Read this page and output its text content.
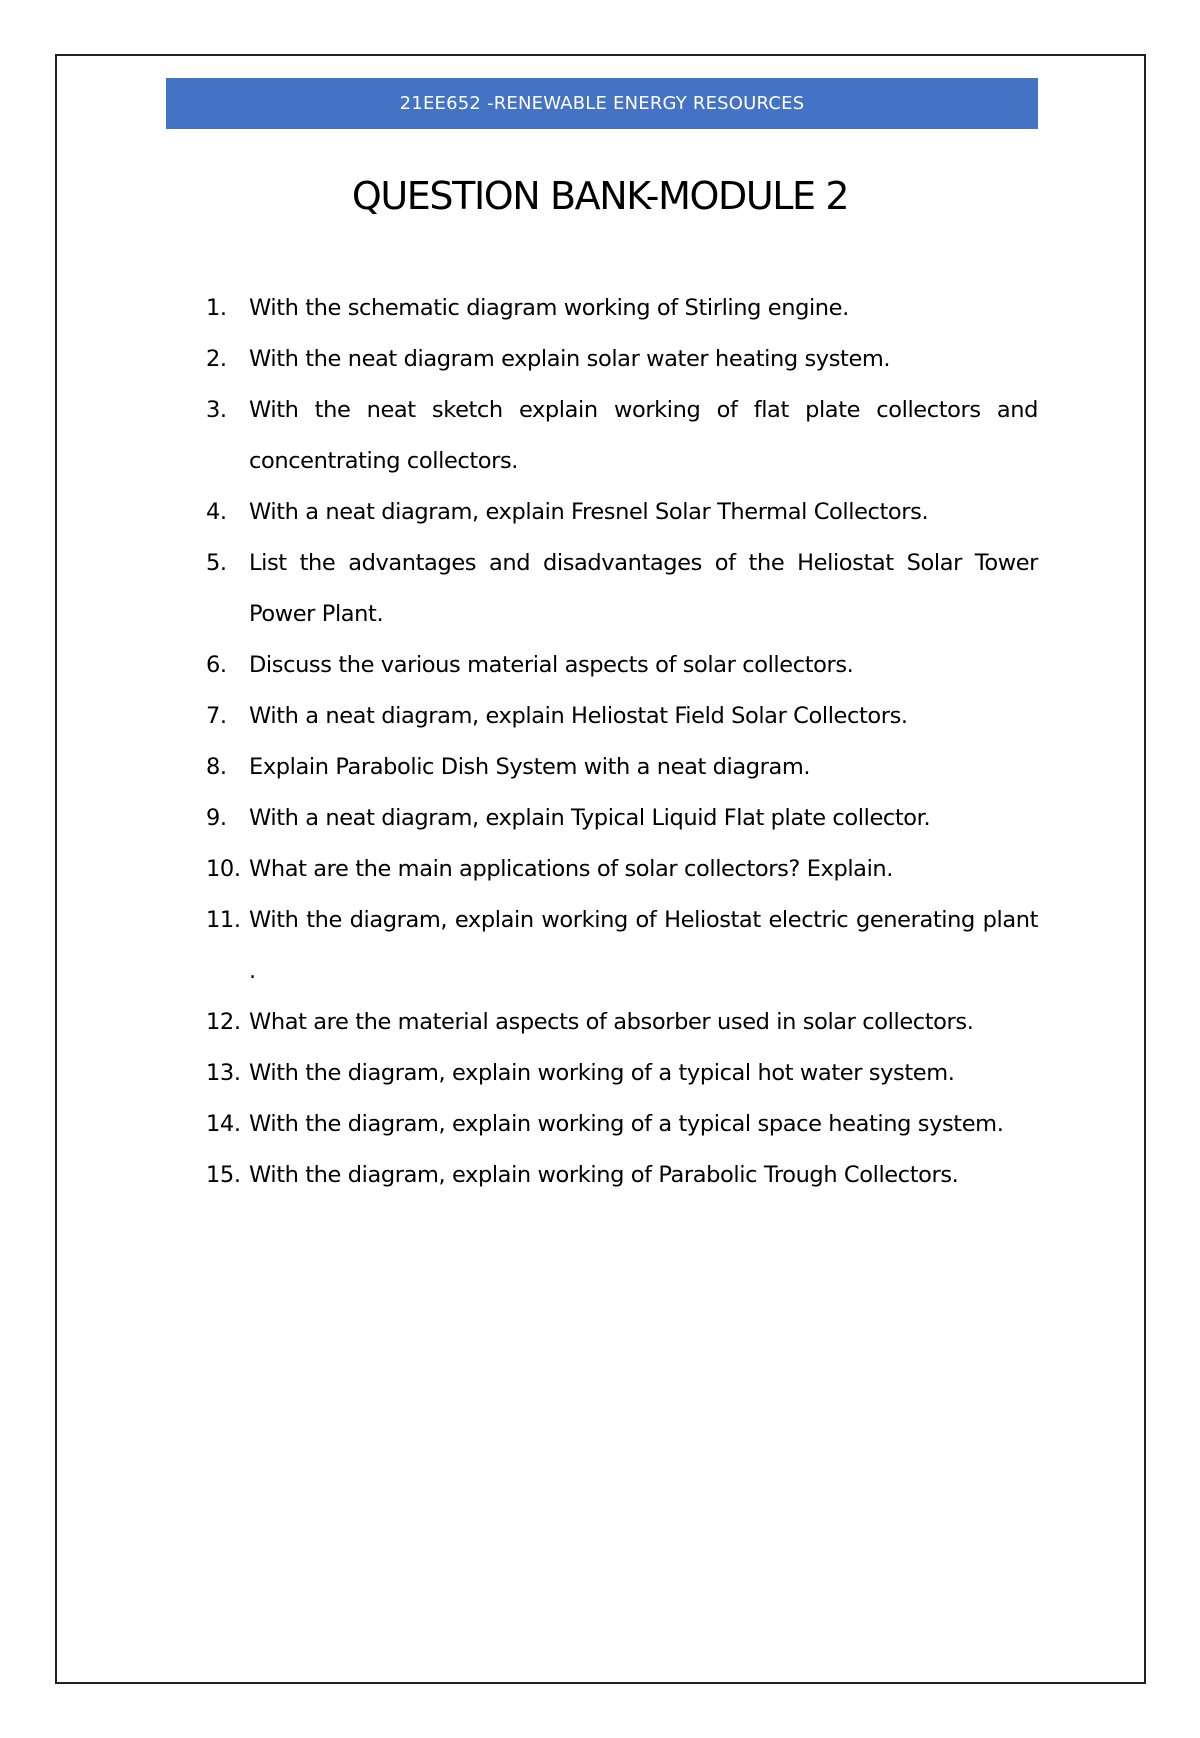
21EE652 -RENEWABLE ENERGY RESOURCES
QUESTION BANK-MODULE 2
1. With the schematic diagram working of Stirling engine.
2. With the neat diagram explain solar water heating system.
3. With the neat sketch explain working of flat plate collectors and concentrating collectors.
4. With a neat diagram, explain Fresnel Solar Thermal Collectors.
5. List the advantages and disadvantages of the Heliostat Solar Tower Power Plant.
6. Discuss the various material aspects of solar collectors.
7. With a neat diagram, explain Heliostat Field Solar Collectors.
8. Explain Parabolic Dish System with a neat diagram.
9. With a neat diagram, explain Typical Liquid Flat plate collector.
10. What are the main applications of solar collectors? Explain.
11. With the diagram, explain working of Heliostat electric generating plant .
12. What are the material aspects of absorber used in solar collectors.
13. With the diagram, explain working of a typical hot water system.
14. With the diagram, explain working of a typical space heating system.
15. With the diagram, explain working of Parabolic Trough Collectors.
